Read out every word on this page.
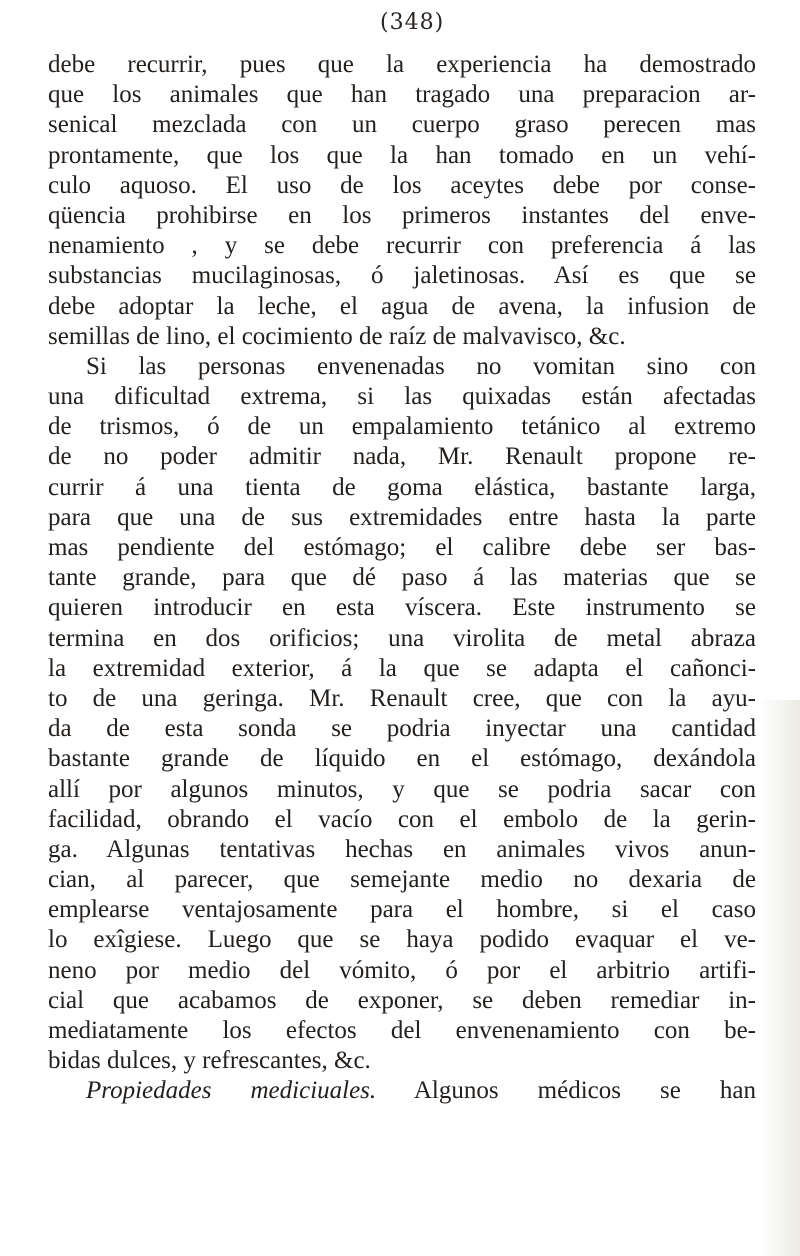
(348)
debe recurrir, pues que la experiencia ha demostrado
que los animales que han tragado una preparacion ar-
senical mezclada con un cuerpo graso perecen mas
prontamente, que los que la han tomado en un vehí-
culo aquoso. El uso de los aceytes debe por conse-
qüencia prohibirse en los primeros instantes del enve-
nenamiento , y se debe recurrir con preferencia á las
substancias mucilaginosas, ó jaletinosas. Así es que se
debe adoptar la leche, el agua de avena, la infusion de
semillas de lino, el cocimiento de raíz de malvavisco, &c.
Si las personas envenenadas no vomitan sino con
una dificultad extrema, si las quixadas están afectadas
de trismos, ó de un empalamiento tetánico al extremo
de no poder admitir nada, Mr. Renault propone re-
currir á una tienta de goma elástica, bastante larga,
para que una de sus extremidades entre hasta la parte
mas pendiente del estómago; el calibre debe ser bas-
tante grande, para que dé paso á las materias que se
quieren introducir en esta víscera. Este instrumento se
termina en dos orificios; una virolita de metal abraza
la extremidad exterior, á la que se adapta el cañonci-
to de una geringa. Mr. Renault cree, que con la ayu-
da de esta sonda se podria inyectar una cantidad
bastante grande de líquido en el estómago, dexándola
allí por algunos minutos, y que se podria sacar con
facilidad, obrando el vacío con el embolo de la gerin-
ga. Algunas tentativas hechas en animales vivos anun-
cian, al parecer, que semejante medio no dexaria de
emplearse ventajosamente para el hombre, si el caso
lo exîgiese. Luego que se haya podido evaquar el ve-
neno por medio del vómito, ó por el arbitrio artifi-
cial que acabamos de exponer, se deben remediar in-
mediatamente los efectos del envenenamiento con be-
bidas dulces, y refrescantes, &c.
Propiedades mediciuales. Algunos médicos se han
